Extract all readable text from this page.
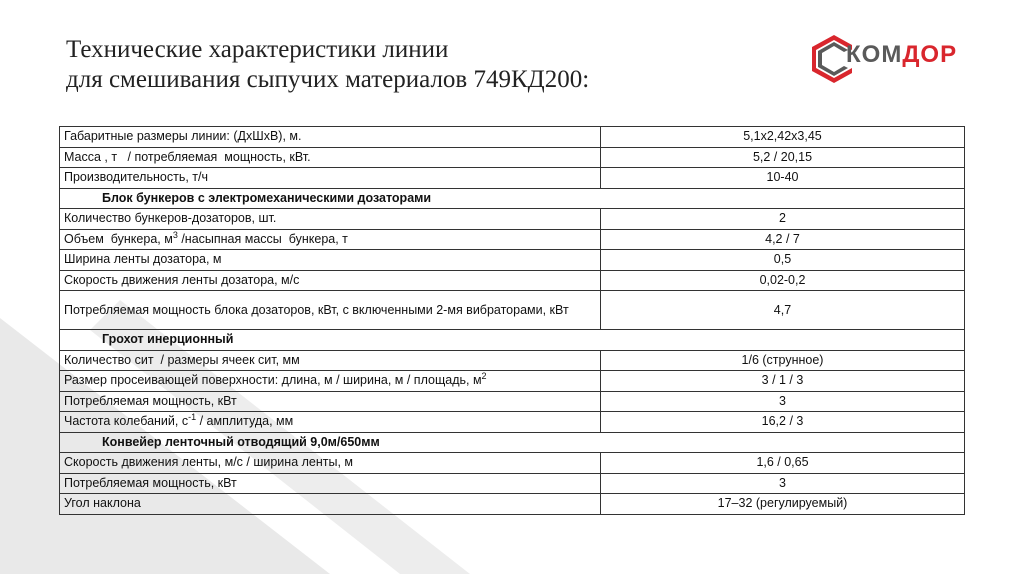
Технические характеристики линии
для смешивания сыпучих материалов 749КД200:
КОМДОР
Габаритные размеры линии: (ДхШхВ), м.	5,1х2,42х3,45
Масса , т   / потребляемая  мощность, кВт.	5,2 / 20,15
Производительность, т/ч	10-40
Блок бункеров с электромеханическими дозаторами	
Количество бункеров-дозаторов, шт.	2
Объем  бункера, $м^3$ /насыпная массы  бункера, т	4,2 / 7
Ширина ленты дозатора, м	0,5
Скорость движения ленты дозатора, м/с	0,02-0,2
Потребляемая мощность блока дозаторов, кВт, с включенными 2-мя вибраторами, кВт	4,7
Грохот инерционный	
Количество сит  / размеры ячеек сит, мм	1/6 (струнное)
Размер просеивающей поверхности: длина, м / ширина, м / площадь, $м^2$	3 / 1 / 3
Потребляемая мощность, кВт	3
Частота колебаний, $с^{-1}$ / амплитуда, мм	16,2 / 3
Конвейер ленточный отводящий 9,0м/650мм	
Скорость движения ленты, м/с / ширина ленты, м	1,6 / 0,65
Потребляемая мощность, кВт	3
Угол наклона	17–32 (регулируемый)
